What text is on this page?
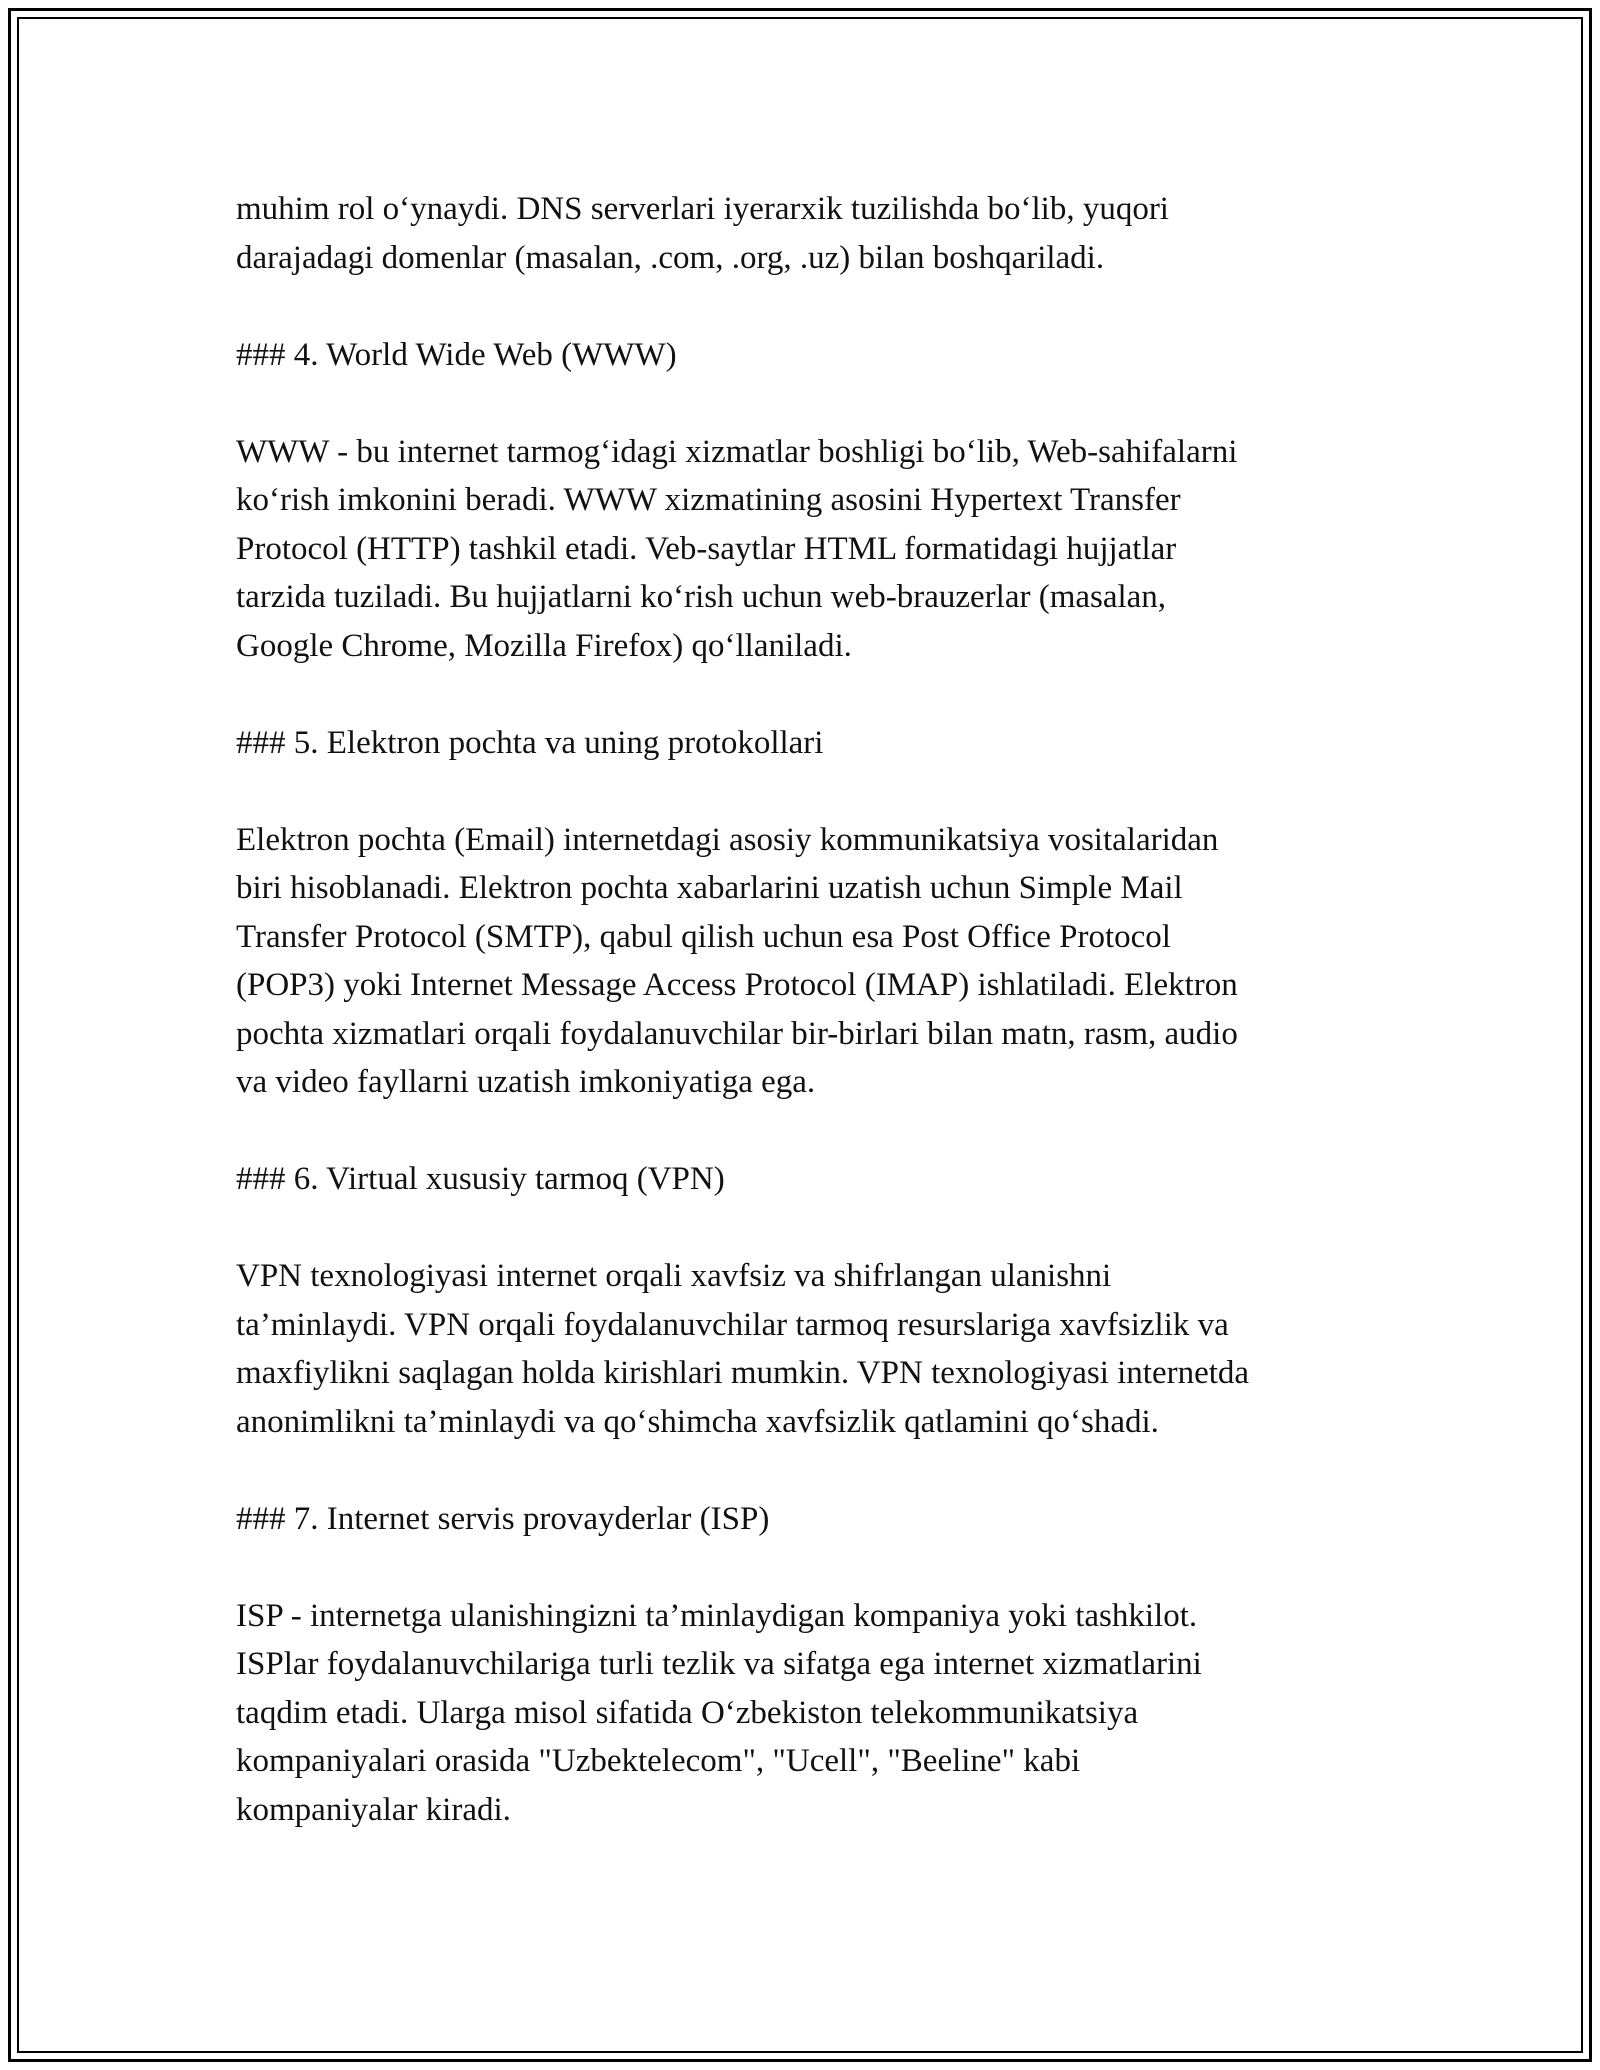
muhim rol o‘ynaydi. DNS serverlari iyerarxik tuzilishda bo‘lib, yuqori
darajadagi domenlar (masalan, .com, .org, .uz) bilan boshqariladi.

### 4. World Wide Web (WWW)

WWW - bu internet tarmog‘idagi xizmatlar boshligi bo‘lib, Web-sahifalarni
ko‘rish imkonini beradi. WWW xizmatining asosini Hypertext Transfer
Protocol (HTTP) tashkil etadi. Veb-saytlar HTML formatidagi hujjatlar
tarzida tuziladi. Bu hujjatlarni ko‘rish uchun web-brauzerlar (masalan,
Google Chrome, Mozilla Firefox) qo‘llaniladi.

### 5. Elektron pochta va uning protokollari

Elektron pochta (Email) internetdagi asosiy kommunikatsiya vositalaridan
biri hisoblanadi. Elektron pochta xabarlarini uzatish uchun Simple Mail
Transfer Protocol (SMTP), qabul qilish uchun esa Post Office Protocol
(POP3) yoki Internet Message Access Protocol (IMAP) ishlatiladi. Elektron
pochta xizmatlari orqali foydalanuvchilar bir-birlari bilan matn, rasm, audio
va video fayllarni uzatish imkoniyatiga ega.

### 6. Virtual xususiy tarmoq (VPN)

VPN texnologiyasi internet orqali xavfsiz va shifrlangan ulanishni
ta’minlaydi. VPN orqali foydalanuvchilar tarmoq resurslariga xavfsizlik va
maxfiylikni saqlagan holda kirishlari mumkin. VPN texnologiyasi internetda
anonimlikni ta’minlaydi va qo‘shimcha xavfsizlik qatlamini qo‘shadi.

### 7. Internet servis provayderlar (ISP)

ISP - internetga ulanishingizni ta’minlaydigan kompaniya yoki tashkilot.
ISPlar foydalanuvchilariga turli tezlik va sifatga ega internet xizmatlarini
taqdim etadi. Ularga misol sifatida O‘zbekiston telekommunikatsiya
kompaniyalari orasida "Uzbektelecom", "Ucell", "Beeline" kabi
kompaniyalar kiradi.
